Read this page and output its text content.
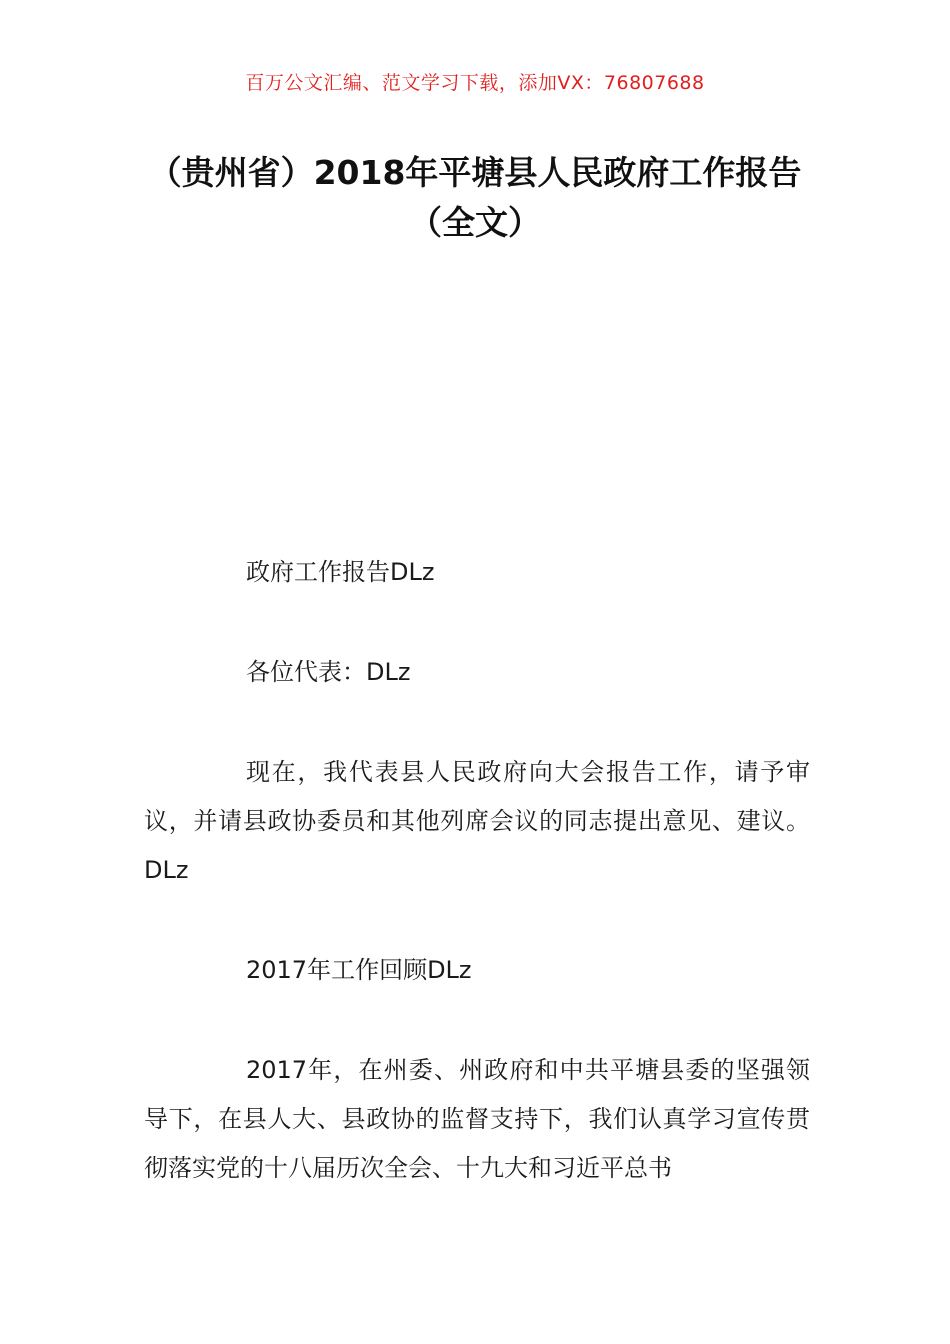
百万公文汇编、范文学习下载，添加VX：76807688
（贵州省）2018年平塘县人民政府工作报告（全文）

政府工作报告DLz

各位代表：DLz

现在，我代表县人民政府向大会报告工作，请予审议，并请县政协委员和其他列席会议的同志提出意见、建议。DLz

2017年工作回顾DLz

2017年，在州委、州政府和中共平塘县委的坚强领导下，在县人大、县政协的监督支持下，我们认真学习宣传贯彻落实党的十八届历次全会、十九大和习近平总书
